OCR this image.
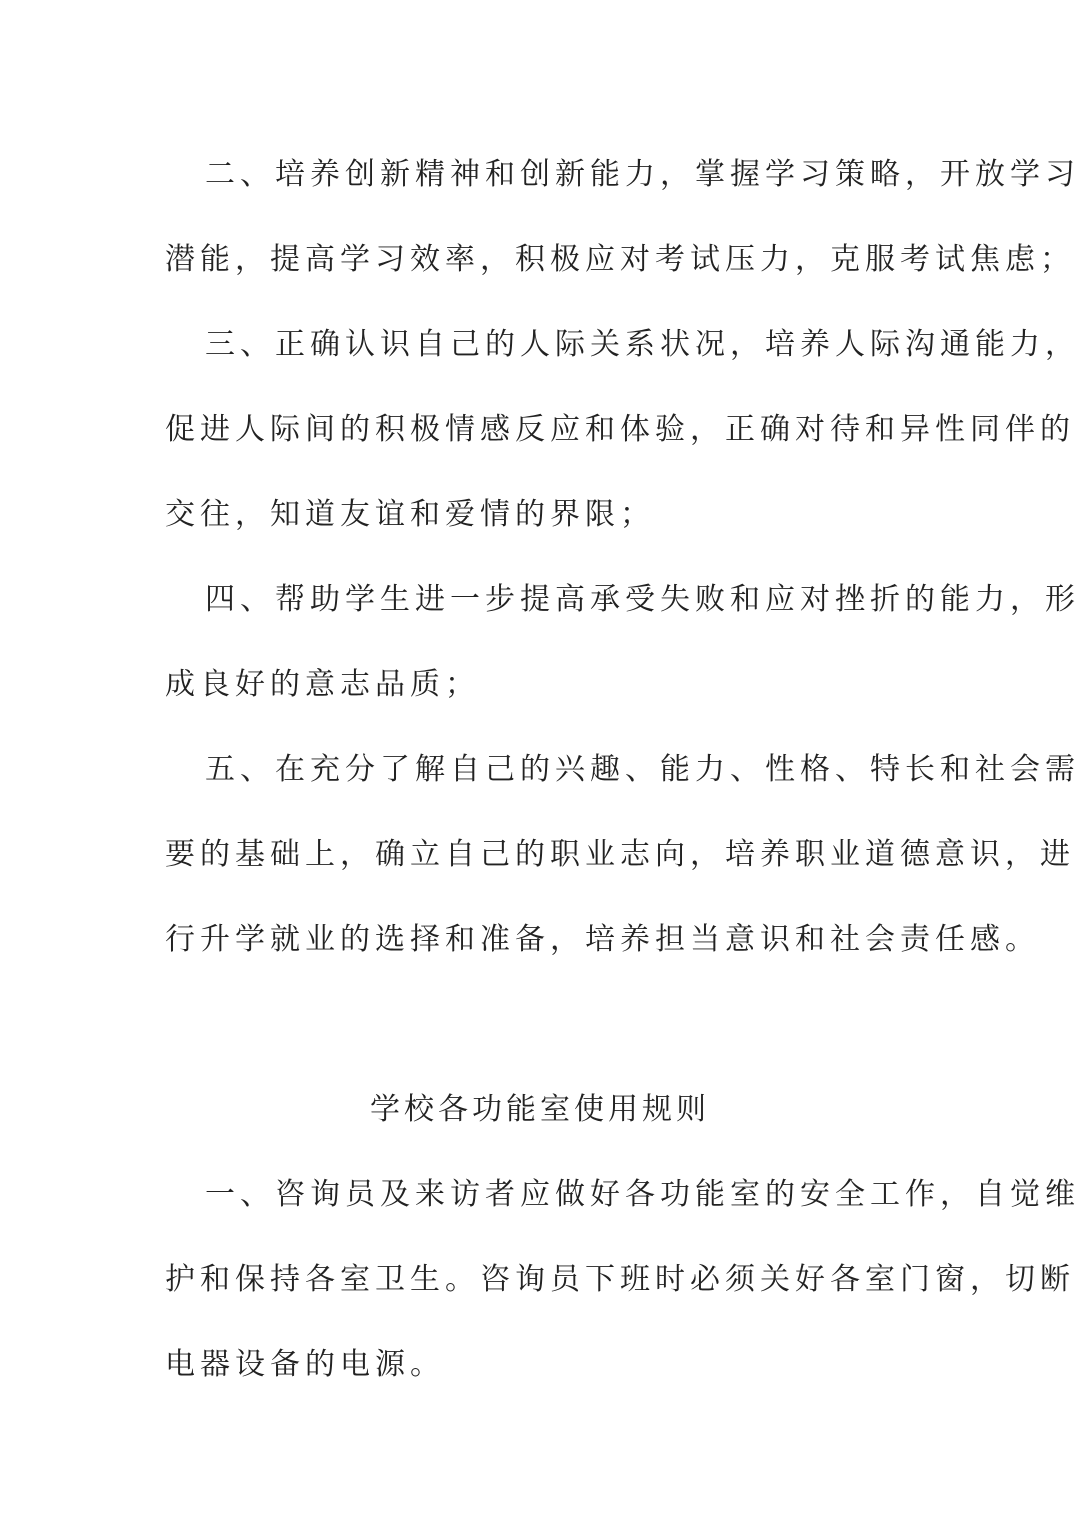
二、培养创新精神和创新能力，掌握学习策略，开放学习
潜能，提高学习效率，积极应对考试压力，克服考试焦虑；
三、正确认识自己的人际关系状况，培养人际沟通能力，
促进人际间的积极情感反应和体验，正确对待和异性同伴的
交往，知道友谊和爱情的界限；
四、帮助学生进一步提高承受失败和应对挫折的能力，形
成良好的意志品质；
五、在充分了解自己的兴趣、能力、性格、特长和社会需
要的基础上，确立自己的职业志向，培养职业道德意识，进
行升学就业的选择和准备，培养担当意识和社会责任感。
学校各功能室使用规则
一、咨询员及来访者应做好各功能室的安全工作，自觉维
护和保持各室卫生。咨询员下班时必须关好各室门窗，切断
电器设备的电源。
